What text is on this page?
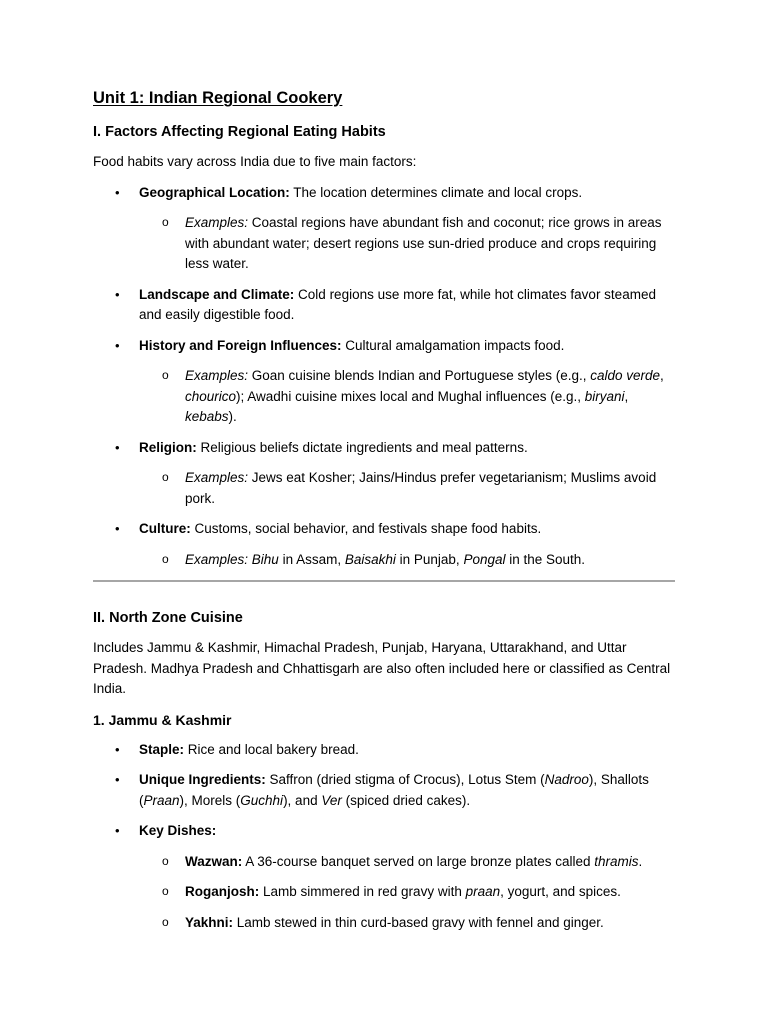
Unit 1: Indian Regional Cookery
I. Factors Affecting Regional Eating Habits

Food habits vary across India due to five main factors:

• Geographical Location: The location determines climate and local crops.
o Examples: Coastal regions have abundant fish and coconut; rice grows in areas with abundant water; desert regions use sun-dried produce and crops requiring less water.
• Landscape and Climate: Cold regions use more fat, while hot climates favor steamed and easily digestible food.
• History and Foreign Influences: Cultural amalgamation impacts food.
o Examples: Goan cuisine blends Indian and Portuguese styles (e.g., caldo verde, chourico); Awadhi cuisine mixes local and Mughal influences (e.g., biryani, kebabs).
• Religion: Religious beliefs dictate ingredients and meal patterns.
o Examples: Jews eat Kosher; Jains/Hindus prefer vegetarianism; Muslims avoid pork.
• Culture: Customs, social behavior, and festivals shape food habits.
o Examples: Bihu in Assam, Baisakhi in Punjab, Pongal in the South.
II. North Zone Cuisine

Includes Jammu & Kashmir, Himachal Pradesh, Punjab, Haryana, Uttarakhand, and Uttar Pradesh. Madhya Pradesh and Chhattisgarh are also often included here or classified as Central India.

1. Jammu & Kashmir
• Staple: Rice and local bakery bread.
• Unique Ingredients: Saffron (dried stigma of Crocus), Lotus Stem (Nadroo), Shallots (Praan), Morels (Guchhi), and Ver (spiced dried cakes).
• Key Dishes:
o Wazwan: A 36-course banquet served on large bronze plates called thramis.
o Roganjosh: Lamb simmered in red gravy with praan, yogurt, and spices.
o Yakhni: Lamb stewed in thin curd-based gravy with fennel and ginger.
